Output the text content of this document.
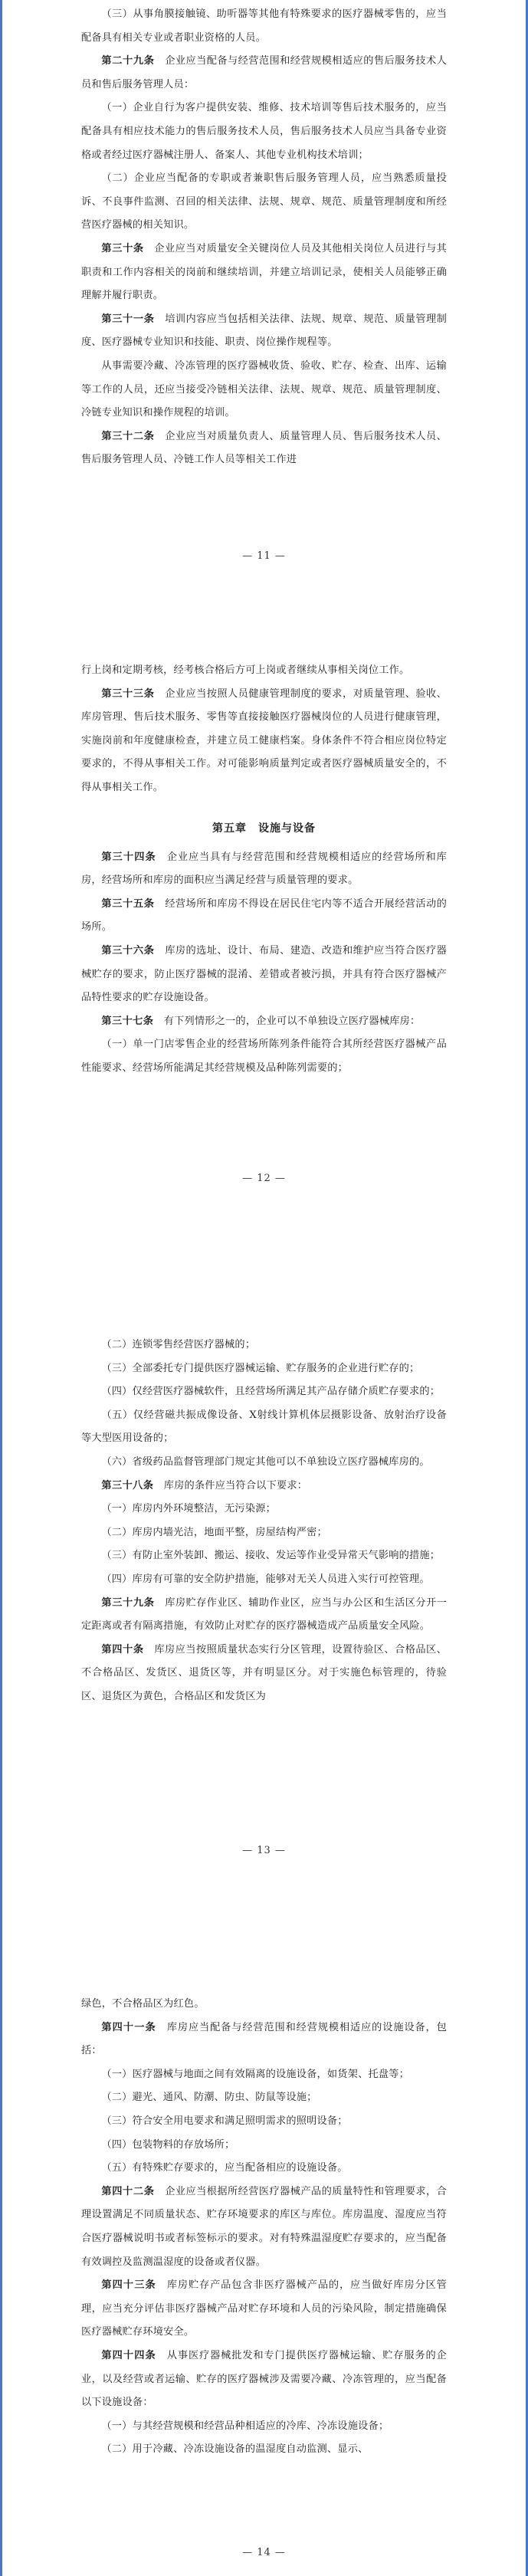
（三）从事角膜接触镜、助听器等其他有特殊要求的医疗器械零售的，应当配备具有相关专业或者职业资格的人员。

第二十九条　 企业应当配备与经营范围和经营规模相适应的售后服务技术人员和售后服务管理人员：

（一）企业自行为客户提供安装、维修、技术培训等售后技术服务的，应当配备具有相应技术能力的售后服务技术人员，售后服务技术人员应当具备专业资格或者经过医疗器械注册人、备案人、其他专业机构技术培训；

（二）企业应当配备的专职或者兼职售后服务管理人员，应当熟悉质量投诉、不良事件监测、召回的相关法律、法规、规章、规范、质量管理制度和所经营医疗器械的相关知识。

第三十条　 企业应当对质量安全关键岗位人员及其他相关岗位人员进行与其职责和工作内容相关的岗前和继续培训，并建立培训记录，使相关人员能够正确理解并履行职责。

第三十一条　 培训内容应当包括相关法律、法规、规章、规范、质量管理制度、医疗器械专业知识和技能、职责、岗位操作规程等。

从事需要冷藏、冷冻管理的医疗器械收货、验收、贮存、检查、出库、运输等工作的人员，还应当接受冷链相关法律、法规、规章、规范、质量管理制度、冷链专业知识和操作规程的培训。

第三十二条　 企业应当对质量负责人、质量管理人员、售后服务技术人员、售后服务管理人员、冷链工作人员等相关工作进

— 11 —

行上岗和定期考核，经考核合格后方可上岗或者继续从事相关岗位工作。

第三十三条　 企业应当按照人员健康管理制度的要求，对质量管理、验收、库房管理、售后技术服务、零售等直接接触医疗器械岗位的人员进行健康管理，实施岗前和年度健康检查，并建立员工健康档案。身体条件不符合相应岗位特定要求的，不得从事相关工作。对可能影响质量判定或者医疗器械质量安全的，不得从事相关工作。

第五章　设施与设备

第三十四条　 企业应当具有与经营范围和经营规模相适应的经营场所和库房，经营场所和库房的面积应当满足经营与质量管理的要求。

第三十五条　 经营场所和库房不得设在居民住宅内等不适合开展经营活动的场所。

第三十六条　 库房的选址、设计、布局、建造、改造和维护应当符合医疗器械贮存的要求，防止医疗器械的混淆、差错或者被污损，并具有符合医疗器械产品特性要求的贮存设施设备。

第三十七条　 有下列情形之一的，企业可以不单独设立医疗器械库房：

（一）单一门店零售企业的经营场所陈列条件能符合其所经营医疗器械产品性能要求、经营场所能满足其经营规模及品种陈列需要的；

— 12 —

（二）连锁零售经营医疗器械的；

（三）全部委托专门提供医疗器械运输、贮存服务的企业进行贮存的；

（四）仅经营医疗器械软件，且经营场所满足其产品存储介质贮存要求的；

（五）仅经营磁共振成像设备、X射线计算机体层摄影设备、放射治疗设备等大型医用设备的；

（六）省级药品监督管理部门规定其他可以不单独设立医疗器械库房的。

第三十八条　 库房的条件应当符合以下要求：

（一）库房内外环境整洁，无污染源；

（二）库房内墙光洁，地面平整，房屋结构严密；

（三）有防止室外装卸、搬运、接收、发运等作业受异常天气影响的措施；

（四）库房有可靠的安全防护措施，能够对无关人员进入实行可控管理。

第三十九条　 库房贮存作业区、辅助作业区，应当与办公区和生活区分开一定距离或者有隔离措施，有效防止对贮存的医疗器械造成产品质量安全风险。

第四十条　 库房应当按照质量状态实行分区管理，设置待验区、合格品区、不合格品区、发货区、退货区等，并有明显区分。对于实施色标管理的，待验区、退货区为黄色，合格品区和发货区为

— 13 —

绿色，不合格品区为红色。

第四十一条　 库房应当配备与经营范围和经营规模相适应的设施设备，包括：

（一）医疗器械与地面之间有效隔离的设施设备，如货架、托盘等；

（二）避光、通风、防潮、防虫、防鼠等设施；

（三）符合安全用电要求和满足照明需求的照明设备；

（四）包装物料的存放场所；

（五）有特殊贮存要求的，应当配备相应的设施设备。

第四十二条　 企业应当根据所经营医疗器械产品的质量特性和管理要求，合理设置满足不同质量状态、贮存环境要求的库区与库位。库房温度、湿度应当符合医疗器械说明书或者标签标示的要求。对有特殊温湿度贮存要求的，应当配备有效调控及监测温湿度的设备或者仪器。

第四十三条　 库房贮存产品包含非医疗器械产品的，应当做好库房分区管理，应当充分评估非医疗器械产品对贮存环境和人员的污染风险，制定措施确保医疗器械贮存环境安全。

第四十四条　 从事医疗器械批发和专门提供医疗器械运输、贮存服务的企业，以及经营或者运输、贮存的医疗器械涉及需要冷藏、冷冻管理的，应当配备以下设施设备：

（一）与其经营规模和经营品种相适应的冷库、冷冻设施设备；

（二）用于冷藏、冷冻设施设备的温湿度自动监测、显示、

— 14 —
